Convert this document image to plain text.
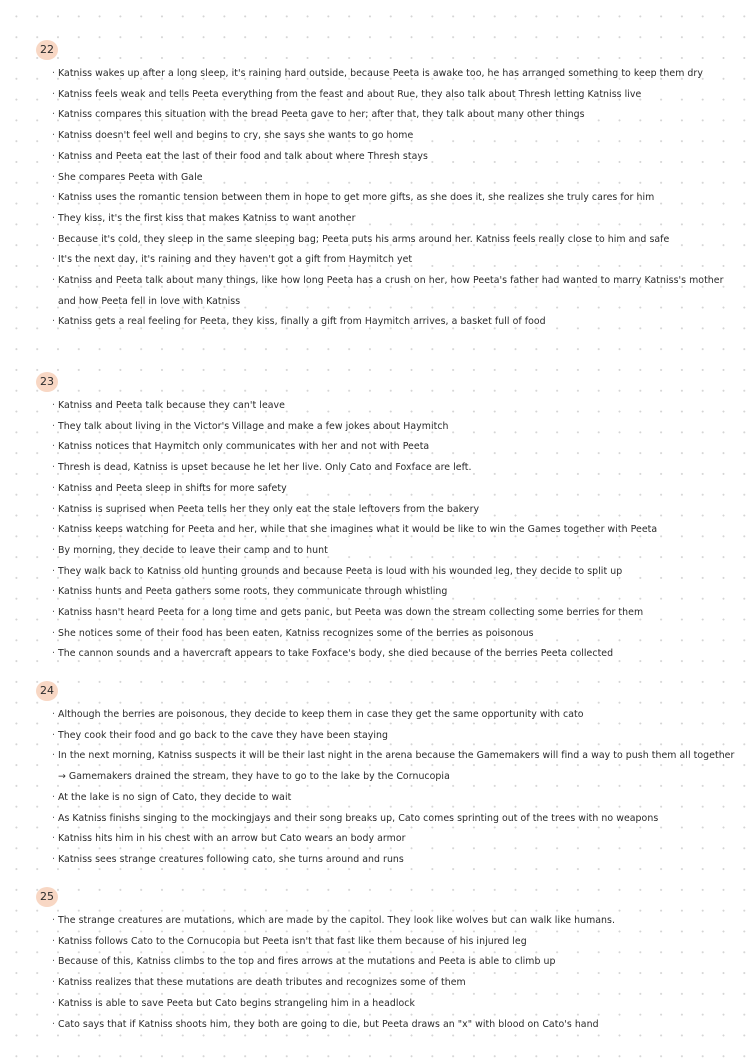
22
· Katniss wakes up after a long sleep, it's raining hard outside, because Peeta is awake too, he has arranged something to keep them dry
· Katniss feels weak and tells Peeta everything from the feast and about Rue, they also talk about Thresh letting Katniss live
· Katniss compares this situation with the bread Peeta gave to her; after that, they talk about many other things
· Katniss doesn't feel well and begins to cry, she says she wants to go home
· Katniss and Peeta eat the last of their food and talk about where Thresh stays
· She compares Peeta with Gale
· Katniss uses the romantic tension between them in hope to get more gifts, as she does it, she realizes she truly cares for him
· They kiss, it's the first kiss that makes Katniss to want another
· Because it's cold, they sleep in the same sleeping bag; Peeta puts his arms around her. Katniss feels really close to him and safe
· It's the next day, it's raining and they haven't got a gift from Haymitch yet
· Katniss and Peeta talk about many things, like how long Peeta has a crush on her, how Peeta's father had wanted to marry Katniss's mother and how Peeta fell in love with Katniss
· Katniss gets a real feeling for Peeta, they kiss, finally a gift from Haymitch arrives, a basket full of food
23
· Katniss and Peeta talk because they can't leave
· They talk about living in the Victor's Village and make a few jokes about Haymitch
· Katniss notices that Haymitch only communicates with her and not with Peeta
· Thresh is dead, Katniss is upset because he let her live. Only Cato and Foxface are left.
· Katniss and Peeta sleep in shifts for more safety
· Katniss is suprised when Peeta tells her they only eat the stale leftovers from the bakery
· Katniss keeps watching for Peeta and her, while that she imagines what it would be like to win the Games together with Peeta
· By morning, they decide to leave their camp and to hunt
· They walk back to Katniss old hunting grounds and because Peeta is loud with his wounded leg, they decide to split up
· Katniss hunts and Peeta gathers some roots, they communicate through whistling
· Katniss hasn't heard Peeta for a long time and gets panic, but Peeta was down the stream collecting some berries for them
· She notices some of their food has been eaten, Katniss recognizes some of the berries as poisonous
· The cannon sounds and a havercraft appears to take Foxface's body, she died because of the berries Peeta collected
24
· Although the berries are poisonous, they decide to keep them in case they get the same opportunity with cato
· They cook their food and go back to the cave they have been staying
· In the next morning, Katniss suspects it will be their last night in the arena because the Gamemakers will find a way to push them all together → Gamemakers drained the stream, they have to go to the lake by the Cornucopia
· At the lake is no sign of Cato, they decide to wait
· As Katniss finishs singing to the mockingjays and their song breaks up, Cato comes sprinting out of the trees with no weapons
· Katniss hits him in his chest with an arrow but Cato wears an body armor
· Katniss sees strange creatures following cato, she turns around and runs
25
· The strange creatures are mutations, which are made by the capitol. They look like wolves but can walk like humans.
· Katniss follows Cato to the Cornucopia but Peeta isn't that fast like them because of his injured leg
· Because of this, Katniss climbs to the top and fires arrows at the mutations and Peeta is able to climb up
· Katniss realizes that these mutations are death tributes and recognizes some of them
· Katniss is able to save Peeta but Cato begins strangeling him in a headlock
· Cato says that if Katniss shoots him, they both are going to die, but Peeta draws an "x" with blood on Cato's hand
